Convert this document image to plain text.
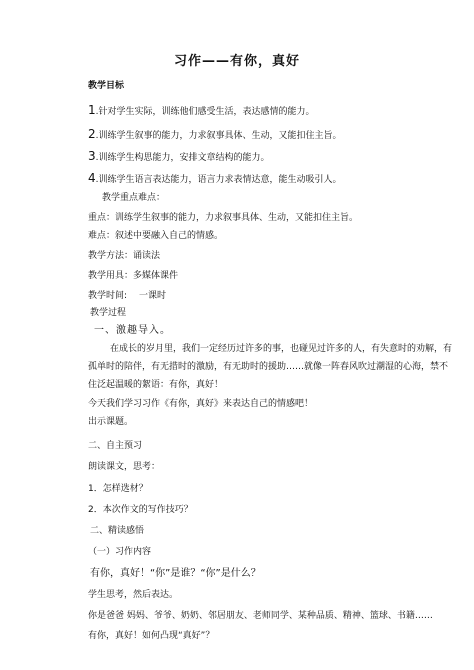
习作——有你，真好
教学目标
1.针对学生实际，训练他们感受生活，表达感情的能力。
2.训练学生叙事的能力，力求叙事具体、生动，又能扣住主旨。
3.训练学生构思能力，安排文章结构的能力。
4.训练学生语言表达能力，语言力求表情达意，能生动吸引人。
教学重点难点：
重点：训练学生叙事的能力，力求叙事具体、生动，又能扣住主旨。
难点：叙述中要融入自己的情感。
教学方法：诵读法
教学用具：多媒体课件
教学时间: 一课时
教学过程
一、激趣导入。
在成长的岁月里，我们一定经历过许多的事，也碰见过许多的人，有失意时的劝解，有
孤单时的陪伴，有无措时的激励，有无助时的援助……就像一阵春风吹过潮湿的心海，禁不
住泛起温暖的絮语：有你，真好！
今天我们学习习作《有你，真好》来表达自己的情感吧！
出示课题。
二、自主预习
朗读课文，思考：
1．怎样选材？
2．本次作文的写作技巧？
二、精读感悟
（一）习作内容
有你，真好！“你”是谁？“你”是什么？
学生思考，然后表达。
你是爸爸 妈妈、爷爷、奶奶、邻居朋友、老师同学、某种品质、精神、篮球、书籍……
有你，真好！如何凸现“真好”？
